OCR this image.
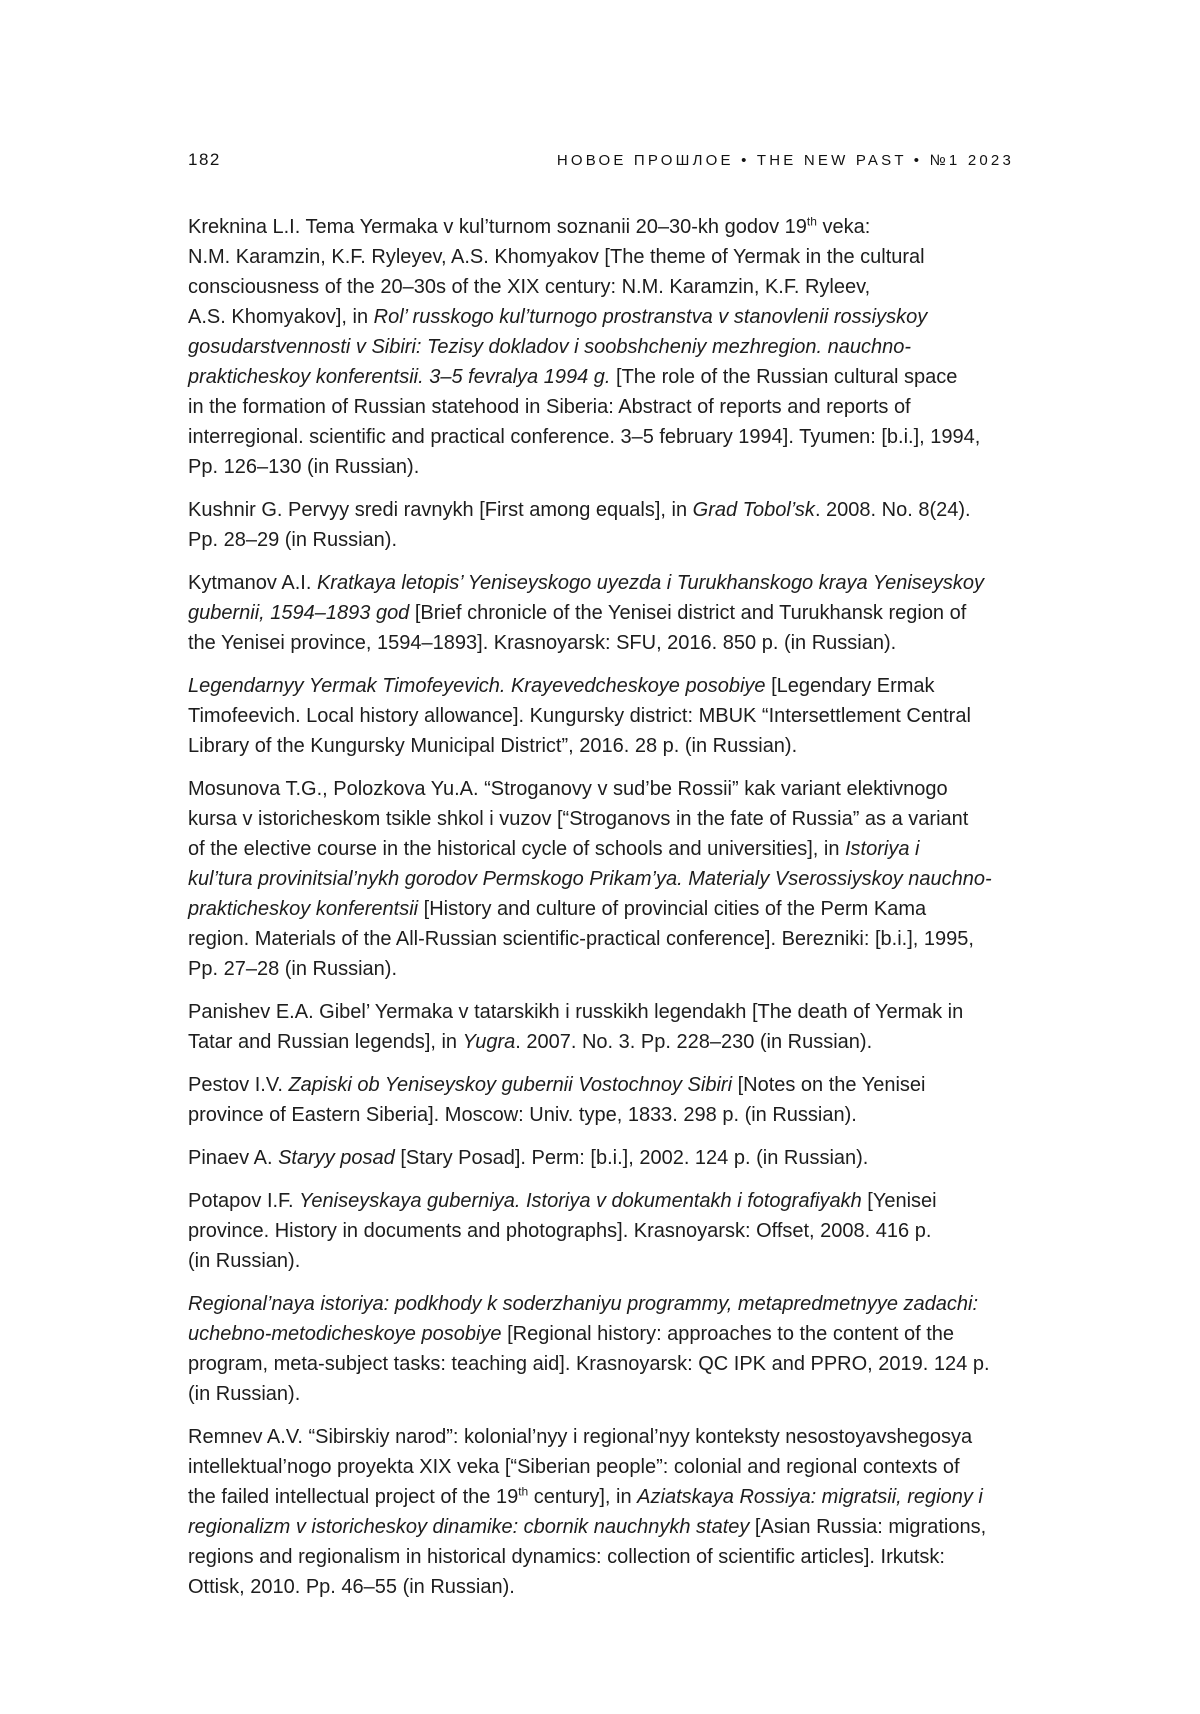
182	НОВОЕ ПРОШЛОЕ • THE NEW PAST • №1 2023

Kreknina L.I. Tema Yermaka v kul’turnom soznanii 20–30-kh godov 19th veka:
N.M. Karamzin, K.F. Ryleyev, A.S. Khomyakov [The theme of Yermak in the cultural
consciousness of the 20–30s of the XIX century: N.M. Karamzin, K.F. Ryleev,
A.S. Khomyakov], in Rol’ russkogo kul’turnogo prostranstva v stanovlenii rossiyskoy
gosudarstvennosti v Sibiri: Tezisy dokladov i soobshcheniy mezhregion. nauchno-
prakticheskoy konferentsii. 3–5 fevralya 1994 g. [The role of the Russian cultural space
in the formation of Russian statehood in Siberia: Abstract of reports and reports of
interregional. scientific and practical conference. 3–5 february 1994]. Tyumen: [b.i.], 1994,
Pp. 126–130 (in Russian).

Kushnir G. Pervyy sredi ravnykh [First among equals], in Grad Tobol’sk. 2008. No. 8(24).
Pp. 28–29 (in Russian).

Kytmanov A.I. Kratkaya letopis’ Yeniseyskogo uyezda i Turukhanskogo kraya Yeniseyskoy
gubernii, 1594–1893 god [Brief chronicle of the Yenisei district and Turukhansk region of
the Yenisei province, 1594–1893]. Krasnoyarsk: SFU, 2016. 850 p. (in Russian).

Legendarnyy Yermak Timofeyevich. Krayevedcheskoye posobiye [Legendary Ermak
Timofeevich. Local history allowance]. Kungursky district: MBUK “Intersettlement Central
Library of the Kungursky Municipal District”, 2016. 28 p. (in Russian).

Mosunova T.G., Polozkova Yu.A. “Stroganovy v sud’be Rossii” kak variant elektivnogo
kursa v istoricheskom tsikle shkol i vuzov [“Stroganovs in the fate of Russia” as a variant
of the elective course in the historical cycle of schools and universities], in Istoriya i
kul’tura provinitsial’nykh gorodov Permskogo Prikam’ya. Materialy Vserossiyskoy nauchno-
prakticheskoy konferentsii [History and culture of provincial cities of the Perm Kama
region. Materials of the All-Russian scientific-practical conference]. Berezniki: [b.i.], 1995,
Pp. 27–28 (in Russian).

Panishev E.A. Gibel’ Yermaka v tatarskikh i russkikh legendakh [The death of Yermak in
Tatar and Russian legends], in Yugra. 2007. No. 3. Pp. 228–230 (in Russian).

Pestov I.V. Zapiski ob Yeniseyskoy gubernii Vostochnoy Sibiri [Notes on the Yenisei
province of Eastern Siberia]. Moscow: Univ. type, 1833. 298 p. (in Russian).

Pinaev A. Staryy posad [Stary Posad]. Perm: [b.i.], 2002. 124 p. (in Russian).

Potapov I.F. Yeniseyskaya guberniya. Istoriya v dokumentakh i fotografiyakh [Yenisei
province. History in documents and photographs]. Krasnoyarsk: Offset, 2008. 416 p.
(in Russian).

Regional’naya istoriya: podkhody k soderzhaniyu programmy, metapredmetnyye zadachi:
uchebno-metodicheskoye posobiye [Regional history: approaches to the content of the
program, meta-subject tasks: teaching aid]. Krasnoyarsk: QC IPK and PPRO, 2019. 124 p.
(in Russian).

Remnev A.V. “Sibirskiy narod”: kolonial’nyy i regional’nyy konteksty nesostoyavshegosya
intellektual’nogo proyekta XIX veka [“Siberian people”: colonial and regional contexts of
the failed intellectual project of the 19th century], in Aziatskaya Rossiya: migratsii, regiony i
regionalizm v istoricheskoy dinamike: cbornik nauchnykh statey [Asian Russia: migrations,
regions and regionalism in historical dynamics: collection of scientific articles]. Irkutsk:
Ottisk, 2010. Pp. 46–55 (in Russian).
